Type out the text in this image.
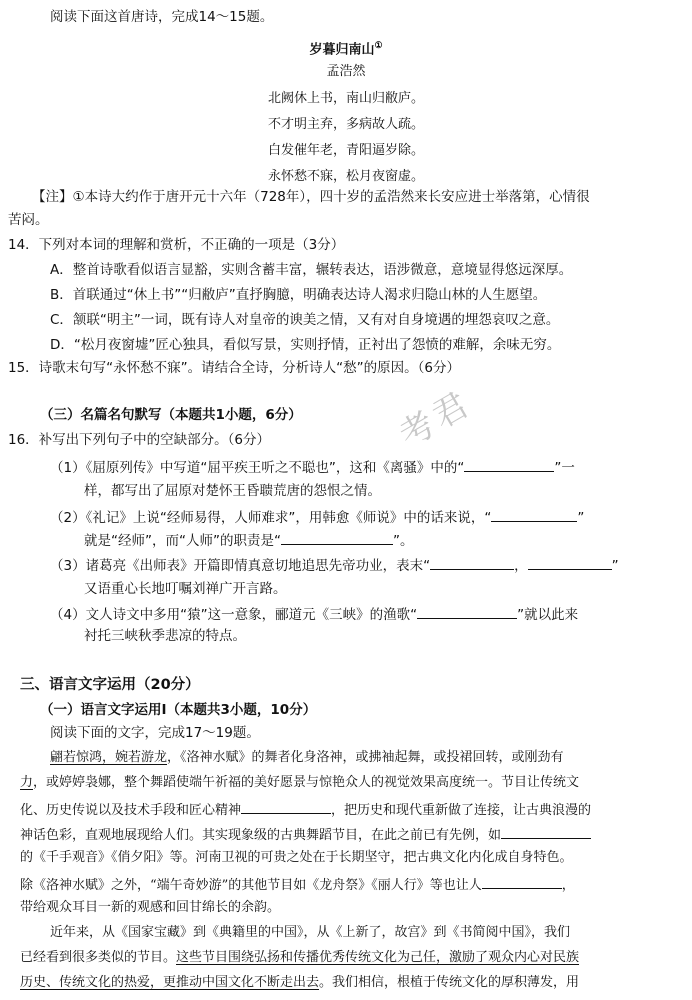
阅读下面这首唐诗，完成14～15题。
岁暮归南山①
孟浩然
北阙休上书，南山归敝庐。
不才明主弃，多病故人疏。
白发催年老，青阳逼岁除。
永怀愁不寐，松月夜窗虚。
【注】①本诗大约作于唐开元十六年（728年），四十岁的孟浩然来长安应进士举落第，心情很
苦闷。
14．下列对本词的理解和赏析，不正确的一项是（3分）
A．整首诗歌看似语言显豁，实则含蓄丰富，辗转表达，语涉微意，意境显得悠远深厚。
B．首联通过“休上书”“归敝庐”直抒胸臆，明确表达诗人渴求归隐山林的人生愿望。
C．颔联“明主”一词，既有诗人对皇帝的谀美之情，又有对自身境遇的埋怨哀叹之意。
D．“松月夜窗墟”匠心独具，看似写景，实则抒情，正衬出了怨愤的难解，余味无穷。
15．诗歌末句写“永怀愁不寐”。请结合全诗，分析诗人“愁”的原因。（6分）
考君
（三）名篇名句默写（本题共1小题，6分）
16．补写出下列句子中的空缺部分。（6分）
（1）《屈原列传》中写道“屈平疾王听之不聪也”，这和《离骚》中的“	”一
样，都写出了屈原对楚怀王昏聩荒唐的怨恨之情。
（2）《礼记》上说“经师易得，人师难求”，用韩愈《师说》中的话来说，“	”
就是“经师”，而“人师”的职责是“	”。
（3）诸葛亮《出师表》开篇即情真意切地追思先帝功业，表末“	，	”
又语重心长地叮嘱刘禅广开言路。
（4）文人诗文中多用“猿”这一意象，郦道元《三峡》的渔歌“	”就以此来
衬托三峡秋季悲凉的特点。
三、语言文字运用（20分）
（一）语言文字运用Ⅰ（本题共3小题，10分）
阅读下面的文字，完成17～19题。
翩若惊鸿，婉若游龙，《洛神水赋》的舞者化身洛神，或拂袖起舞，或投裙回转，或刚劲有
力，或婷婷袅娜，整个舞蹈使端午祈福的美好愿景与惊艳众人的视觉效果高度统一。节目让传统文
化、历史传说以及技术手段和匠心精神	，把历史和现代重新做了连接，让古典浪漫的
神话色彩，直观地展现给人们。其实现象级的古典舞蹈节目，在此之前已有先例，如
的《千手观音》《俏夕阳》等。河南卫视的可贵之处在于长期坚守，把古典文化内化成自身特色。
除《洛神水赋》之外，“端午奇妙游”的其他节目如《龙舟祭》《丽人行》等也让人	，
带给观众耳目一新的观感和回甘绵长的余韵。
近年来，从《国家宝藏》到《典籍里的中国》，从《上新了，故宫》到《书简阅中国》，我们
已经看到很多类似的节目。这些节目围绕弘扬和传播优秀传统文化为己任，激励了观众内心对民族
历史、传统文化的热爱，更推动中国文化不断走出去。我们相信，根植于传统文化的厚积薄发，用
